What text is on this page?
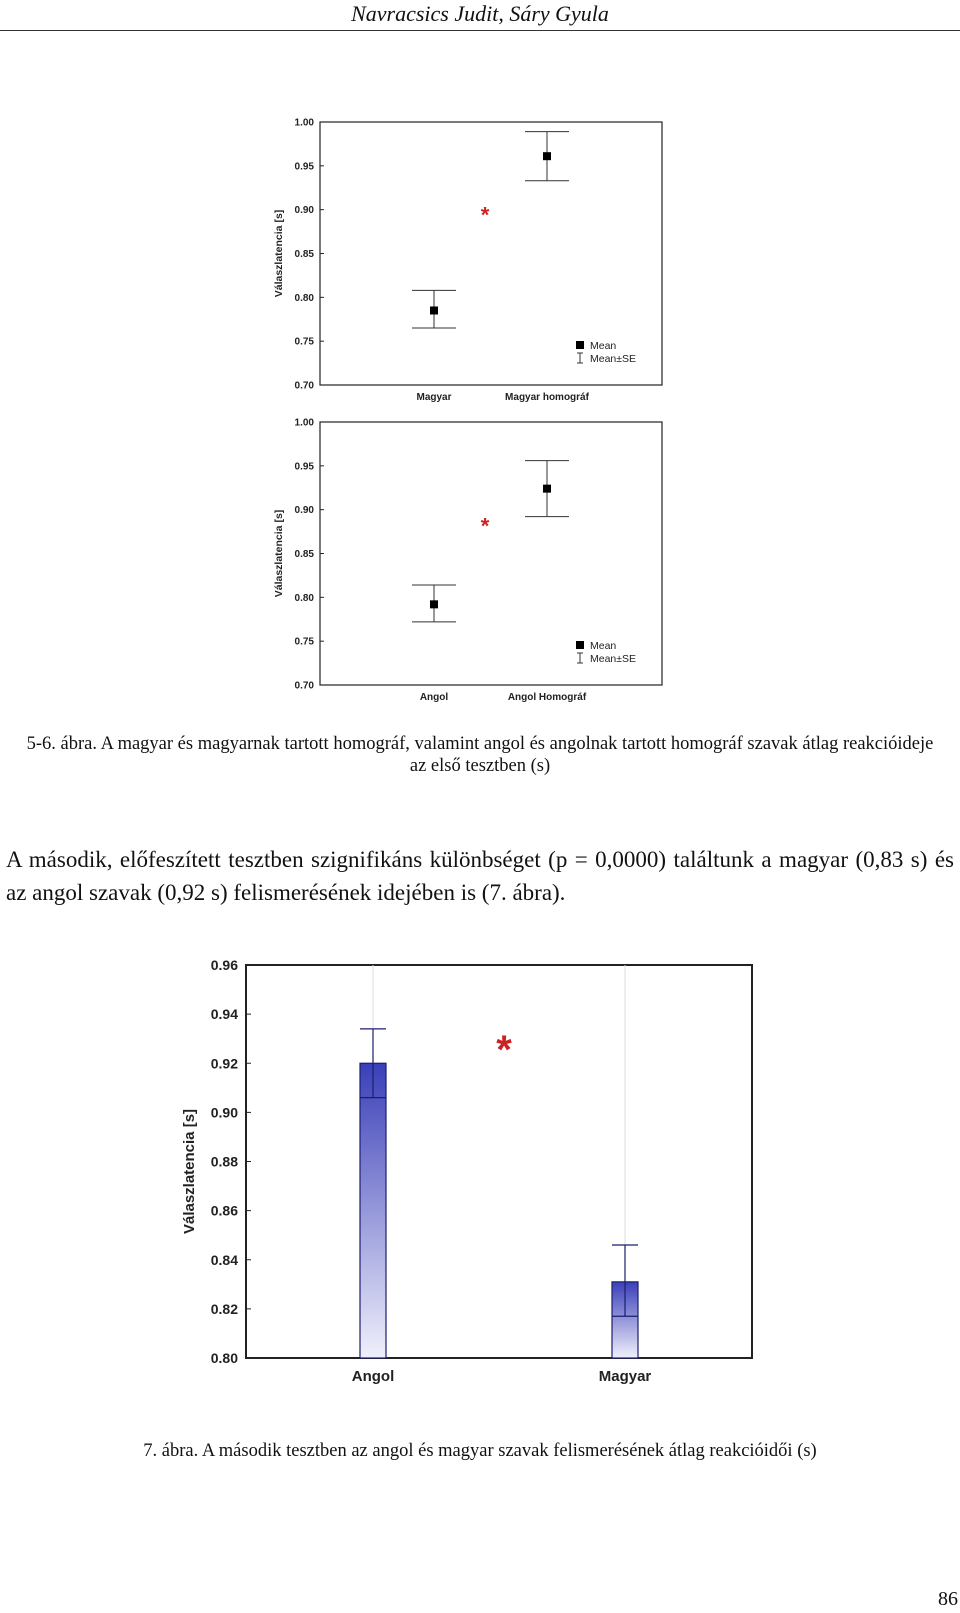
Navracsics Judit, Sáry Gyula
0.70
0.75
0.80
0.85
0.90
0.95
1.00
Válaszlatencia [s]
Magyar	Magyar homográf
*
Mean
Mean±SE
0.70
0.75
0.80
0.85
0.90
0.95
1.00
Válaszlatencia [s]
Angol	Angol Homográf
*
Mean
Mean±SE
5-6. ábra. A magyar és magyarnak tartott homográf, valamint angol és angolnak tartott homográf szavak átlag reakcióideje az első tesztben (s)

A második, előfeszített tesztben szignifikáns különbséget (p = 0,0000) találtunk a magyar (0,83 s) és az angol szavak (0,92 s) felismerésének idejében is (7. ábra).

0.80
0.82
0.84
0.86
0.88
0.90
0.92
0.94
0.96
Válaszlatencia [s]
Angol	Magyar
*
7. ábra. A második tesztben az angol és magyar szavak felismerésének átlag reakcióidői (s)
86
